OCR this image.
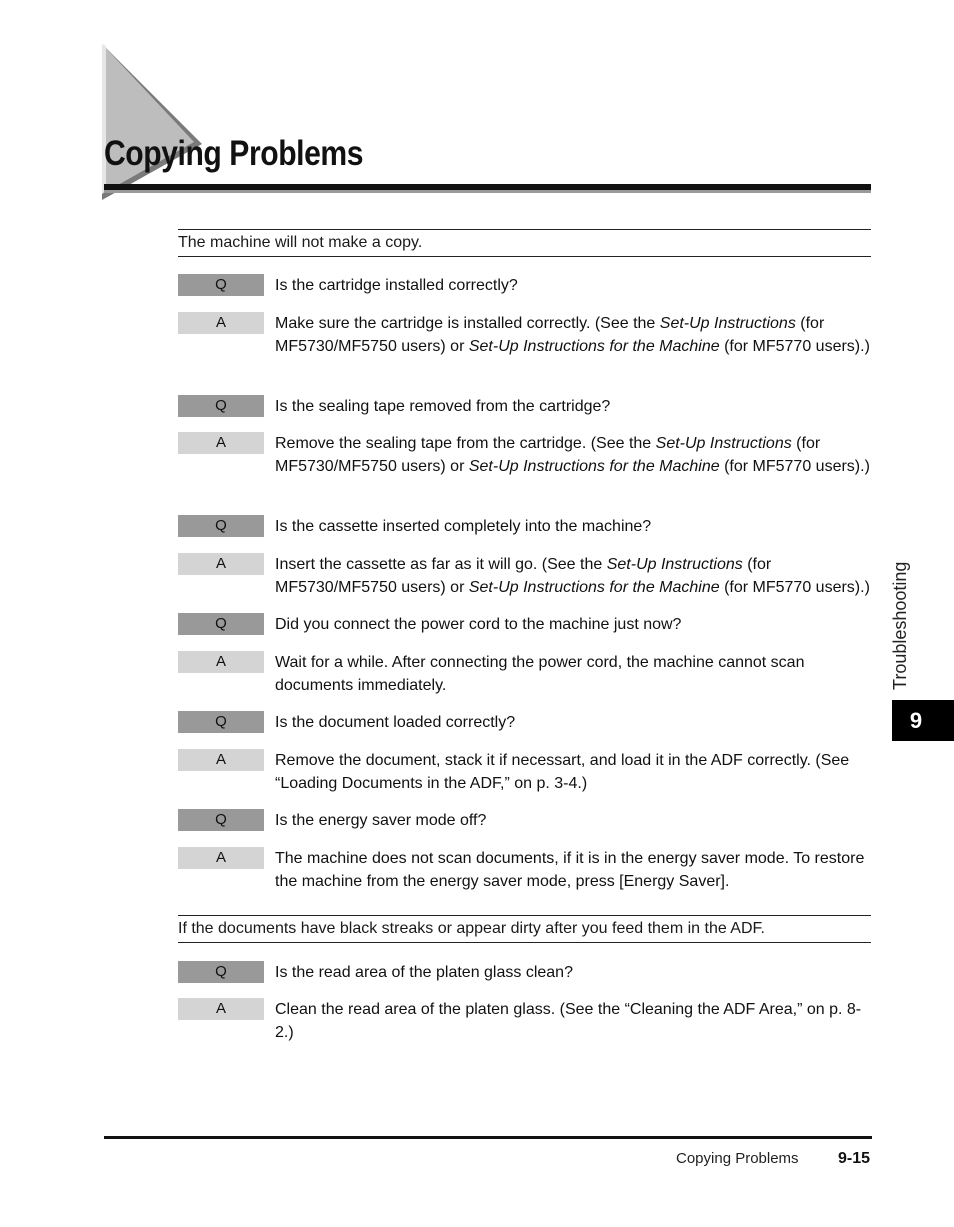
Copying Problems
The machine will not make a copy.
Q	Is the cartridge installed correctly?
A	Make sure the cartridge is installed correctly. (See the Set-Up Instructions (for MF5730/MF5750 users) or Set-Up Instructions for the Machine (for MF5770 users).)
Q	Is the sealing tape removed from the cartridge?
A	Remove the sealing tape from the cartridge. (See the Set-Up Instructions (for MF5730/MF5750 users) or Set-Up Instructions for the Machine (for MF5770 users).)
Q	Is the cassette inserted completely into the machine?
A	Insert the cassette as far as it will go. (See the Set-Up Instructions (for MF5730/MF5750 users) or Set-Up Instructions for the Machine (for MF5770 users).)
Q	Did you connect the power cord to the machine just now?
A	Wait for a while. After connecting the power cord, the machine cannot scan documents immediately.
Q	Is the document loaded correctly?
A	Remove the document, stack it if necessart, and load it in the ADF correctly. (See “Loading Documents in the ADF,” on p. 3-4.)
Q	Is the energy saver mode off?
A	The machine does not scan documents, if it is in the energy saver mode. To restore the machine from the energy saver mode, press [Energy Saver].
If the documents have black streaks or appear dirty after you feed them in the ADF.
Q	Is the read area of the platen glass clean?
A	Clean the read area of the platen glass. (See the “Cleaning the ADF Area,” on p. 8-2.)
Troubleshooting
9
Copying Problems 9-15
